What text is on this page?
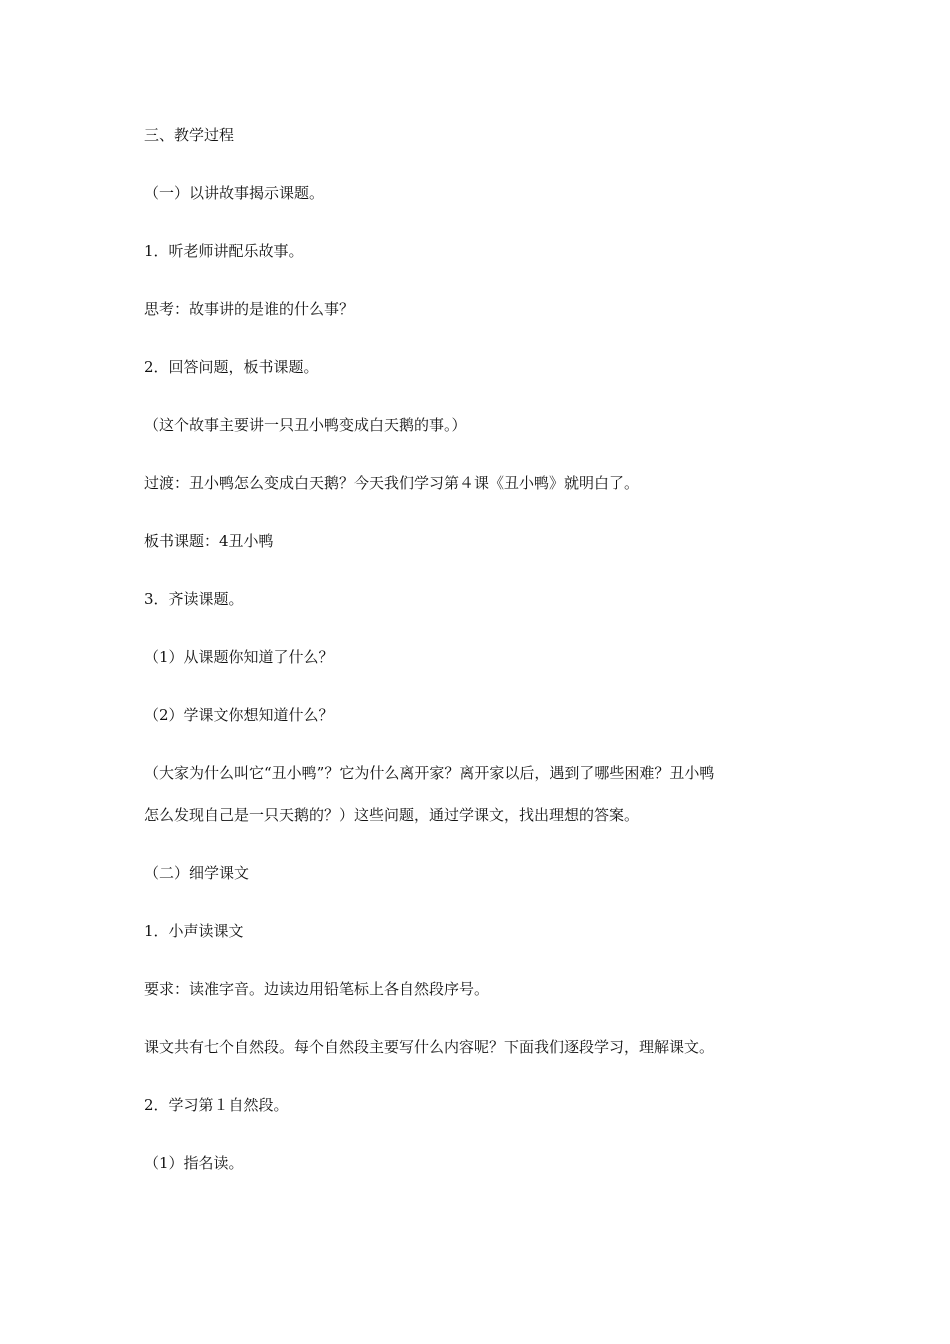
三、教学过程
（一）以讲故事揭示课题。
1．听老师讲配乐故事。
思考：故事讲的是谁的什么事？
2．回答问题，板书课题。
（这个故事主要讲一只丑小鸭变成白天鹅的事。）
过渡：丑小鸭怎么变成白天鹅？今天我们学习第４课《丑小鸭》就明白了。
板书课题：4丑小鸭
3．齐读课题。
（1）从课题你知道了什么？
（2）学课文你想知道什么？
（大家为什么叫它“丑小鸭”？它为什么离开家？离开家以后，遇到了哪些困难？丑小鸭
怎么发现自己是一只天鹅的？）这些问题，通过学课文，找出理想的答案。
（二）细学课文
1．小声读课文
要求：读准字音。边读边用铅笔标上各自然段序号。
课文共有七个自然段。每个自然段主要写什么内容呢？下面我们逐段学习，理解课文。
2．学习第１自然段。
（1）指名读。
